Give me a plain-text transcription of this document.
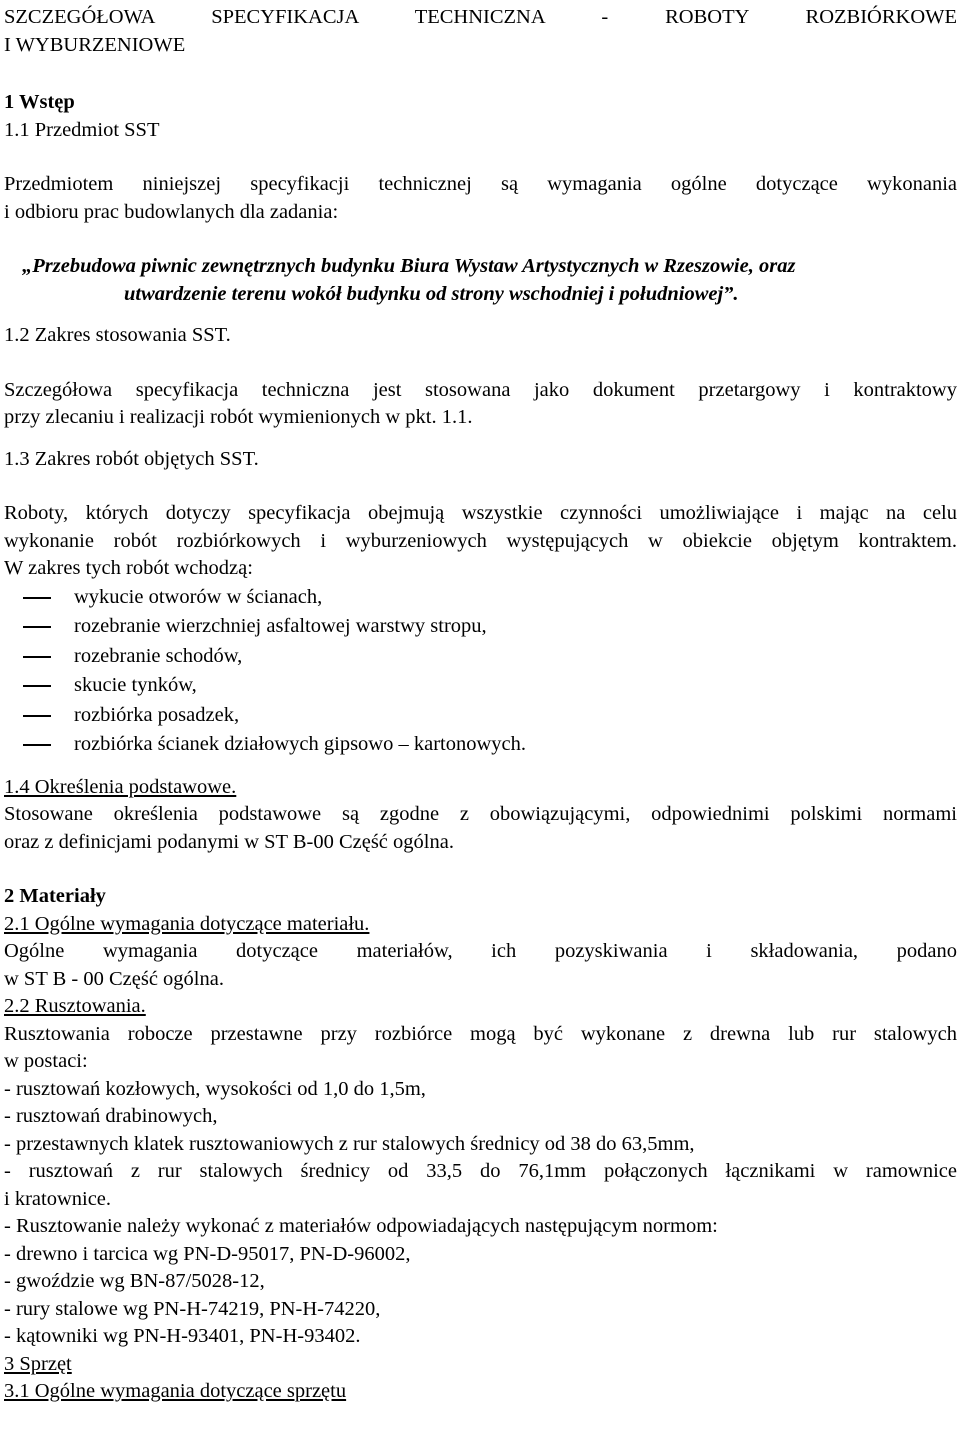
SZCZEGÓŁOWA SPECYFIKACJA TECHNICZNA - ROBOTY ROZBIÓRKOWE

I WYBURZENIOWE

1 Wstęp

1.1 Przedmiot SST

Przedmiotem niniejszej specyfikacji technicznej są wymagania ogólne dotyczące wykonania

i odbioru prac budowlanych dla zadania:

„Przebudowa piwnic zewnętrznych budynku Biura Wystaw Artystycznych w Rzeszowie, oraz

utwardzenie terenu wokół budynku od strony wschodniej i południowej”.

1.2 Zakres stosowania SST.

Szczegółowa specyfikacja techniczna jest stosowana jako dokument przetargowy i kontraktowy

przy zlecaniu i realizacji robót wymienionych w pkt. 1.1.

1.3 Zakres robót objętych SST.

Roboty, których dotyczy specyfikacja obejmują wszystkie czynności umożliwiające i mając na celu

wykonanie robót rozbiórkowych i wyburzeniowych występujących w obiekcie objętym kontraktem.

W zakres tych robót wchodzą:

wykucie otworów w ścianach,
rozebranie wierzchniej asfaltowej warstwy stropu,
rozebranie schodów,
skucie tynków,
rozbiórka posadzek,
rozbiórka ścianek działowych gipsowo – kartonowych.

1.4 Określenia podstawowe.

Stosowane określenia podstawowe są zgodne z obowiązującymi, odpowiednimi polskimi normami

oraz z definicjami podanymi w ST B-00 Część ogólna.

2 Materiały

2.1 Ogólne wymagania dotyczące materiału.

Ogólne wymagania dotyczące materiałów, ich pozyskiwania i składowania, podano

w ST B - 00 Część ogólna.

2.2 Rusztowania.

Rusztowania robocze przestawne przy rozbiórce mogą być wykonane z drewna lub rur stalowych

w postaci:

- rusztowań kozłowych, wysokości od 1,0 do 1,5m,

- rusztowań drabinowych,

- przestawnych klatek rusztowaniowych z rur stalowych średnicy od 38 do 63,5mm,

- rusztowań z rur stalowych średnicy od 33,5 do 76,1mm połączonych łącznikami w ramownice

i kratownice.

- Rusztowanie należy wykonać z materiałów odpowiadających następującym normom:

- drewno i tarcica wg PN-D-95017, PN-D-96002,

- gwoździe wg BN-87/5028-12,

- rury stalowe wg PN-H-74219, PN-H-74220,

- kątowniki wg PN-H-93401, PN-H-93402.

3 Sprzęt

3.1 Ogólne wymagania dotyczące sprzętu
